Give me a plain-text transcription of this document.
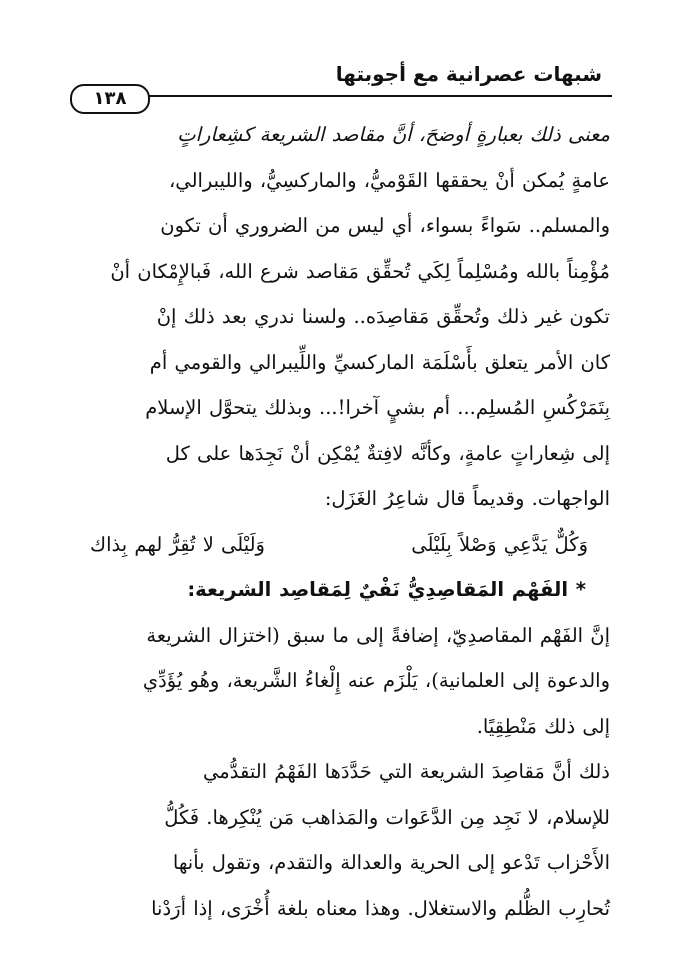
شبهات عصرانية مع أجوبتها
١٣٨
معنى ذلك بعبارةٍ أوضحَ، أنَّ مقاصد الشريعة كشِعاراتٍ
عامةٍ يُمكن أنْ يحققها القَوْميُّ، والماركسِيُّ، والليبرالي،
والمسلم.. سَواءً بسواء، أي ليس من الضروري أن تكون
مُؤْمِناً بالله ومُسْلِماً لِكَي تُحقِّق مَقاصد شرع الله، فَبالإِمْكان أنْ
تكون غير ذلك وتُحقِّق مَقاصِدَه.. ولسنا ندري بعد ذلك إنْ
كان الأمر يتعلق بأَسْلَمَة الماركسيِّ واللِّيبرالي والقومي أم
بِتَمَرْكُسِ المُسلِم... أم بشيٍ آخرا!... وبذلك يتحوَّل الإسلام
إلى شِعاراتٍ عامةٍ، وكأنَّه لافِتةٌ يُمْكِن أنْ نَجِدَها على كل
الواجهات. وقديماً قال شاعِرُ الغَزَل:
وَكُلٌّ يَدَّعِي وَصْلاً بِلَيْلَى
وَلَيْلَى لا تُقِرُّ لهم بِذاك
* الفَهْم المَقاصِدِيُّ نَفْيٌ لِمَقاصِد الشريعة:
إنَّ الفَهْم المقاصدِيّ، إضافةً إلى ما سبق (اختزال الشريعة
والدعوة إلى العلمانية)، يَلْزَم عنه إِلْغاءُ الشَّريعة، وهُو يُؤَدِّي
إلى ذلك مَنْطِقِيًا.
ذلك أنَّ مَقاصِدَ الشريعة التي حَدَّدَها الفَهْمُ التقدُّمي
للإسلام، لا نَجِد مِن الدَّعَوات والمَذاهب مَن يُنْكِرها. فَكُلُّ
الأَحْزاب تَدْعو إلى الحرية والعدالة والتقدم، وتقول بأنها
تُحارِب الظُّلم والاستغلال. وهذا معناه بلغة أُخْرَى، إذا أرَدْنا
